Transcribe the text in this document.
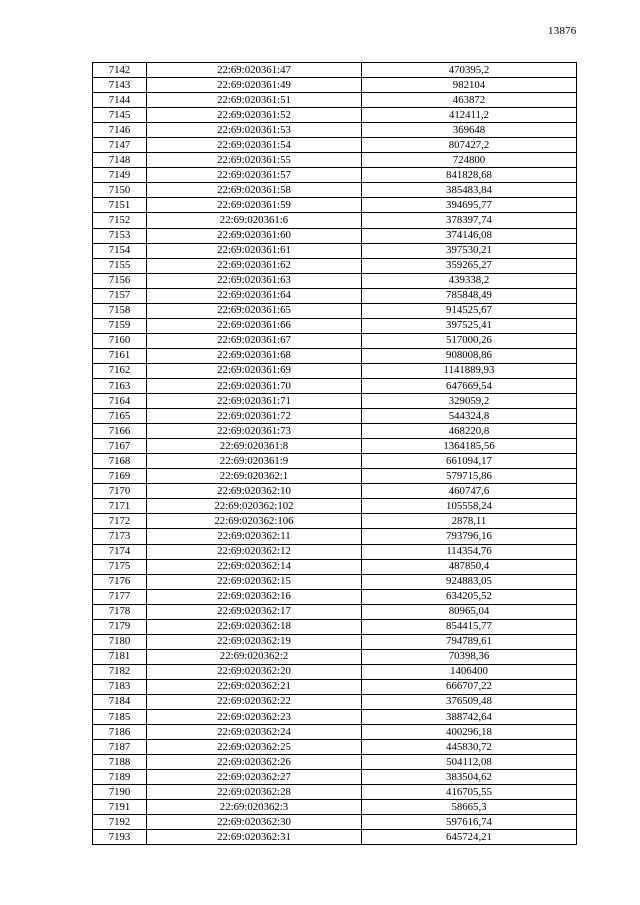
13876
7142	22:69:020361:47	470395,2
7143	22:69:020361:49	982104
7144	22:69:020361:51	463872
7145	22:69:020361:52	412411,2
7146	22:69:020361:53	369648
7147	22:69:020361:54	807427,2
7148	22:69:020361:55	724800
7149	22:69:020361:57	841828,68
7150	22:69:020361:58	385483,84
7151	22:69:020361:59	394695,77
7152	22:69:020361:6	378397,74
7153	22:69:020361:60	374146,08
7154	22:69:020361:61	397530,21
7155	22:69:020361:62	359265,27
7156	22:69:020361:63	439338,2
7157	22:69:020361:64	785848,49
7158	22:69:020361:65	914525,67
7159	22:69:020361:66	397525,41
7160	22:69:020361:67	517000,26
7161	22:69:020361:68	908008,86
7162	22:69:020361:69	1141889,93
7163	22:69:020361:70	647669,54
7164	22:69:020361:71	329059,2
7165	22:69:020361:72	544324,8
7166	22:69:020361:73	468220,8
7167	22:69:020361:8	1364185,56
7168	22:69:020361:9	661094,17
7169	22:69:020362:1	579715,86
7170	22:69:020362:10	460747,6
7171	22:69:020362:102	105558,24
7172	22:69:020362:106	2878,11
7173	22:69:020362:11	793796,16
7174	22:69:020362:12	114354,76
7175	22:69:020362:14	487850,4
7176	22:69:020362:15	924883,05
7177	22:69:020362:16	634205,52
7178	22:69:020362:17	80965,04
7179	22:69:020362:18	854415,77
7180	22:69:020362:19	794789,61
7181	22:69:020362:2	70398,36
7182	22:69:020362:20	1406400
7183	22:69:020362:21	666707,22
7184	22:69:020362:22	376509,48
7185	22:69:020362:23	388742,64
7186	22:69:020362:24	400296,18
7187	22:69:020362:25	445830,72
7188	22:69:020362:26	504112,08
7189	22:69:020362:27	383504,62
7190	22:69:020362:28	416705,55
7191	22:69:020362:3	58665,3
7192	22:69:020362:30	597616,74
7193	22:69:020362:31	645724,21
